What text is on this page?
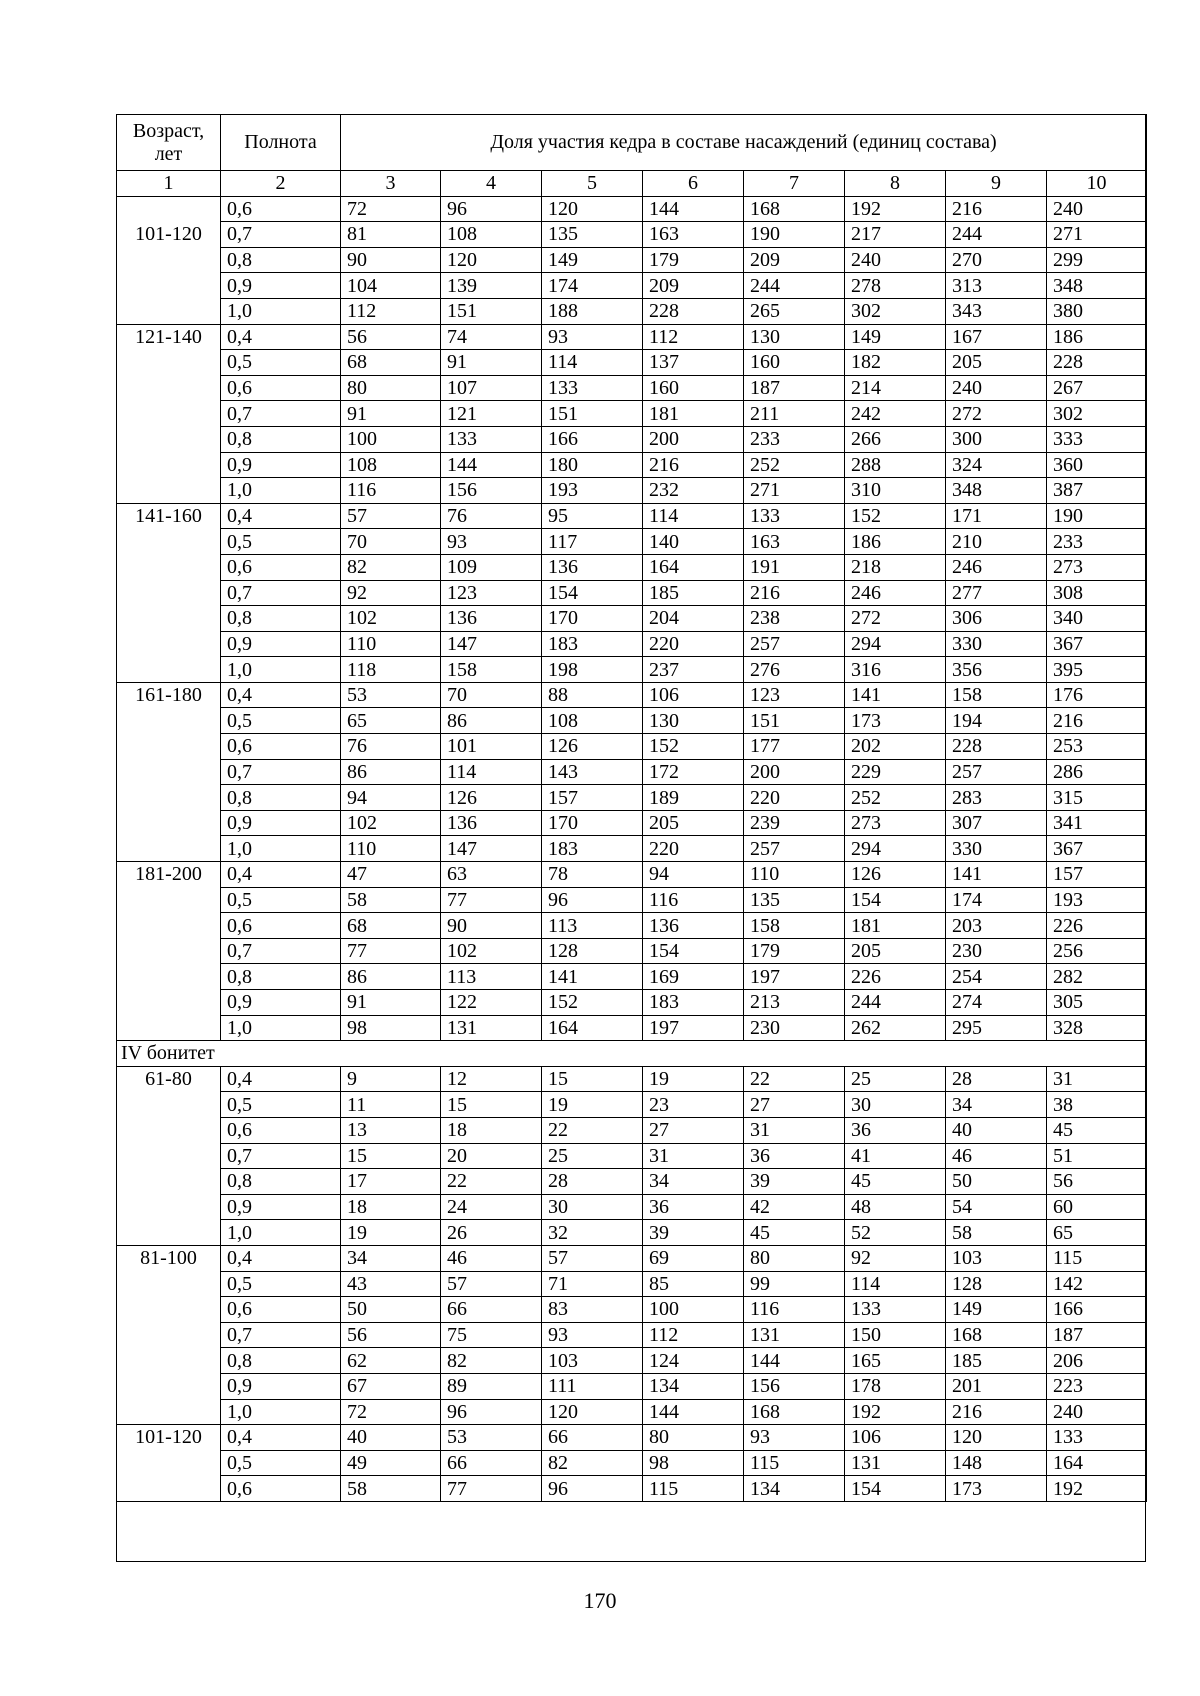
Возраст, лет	Полнота	Доля участия кедра в составе насаждений (единиц состава)							
1	2	3	4	5	6	7	8	9	10
	0,6	72	96	120	144	168	192	216	240
101-120	0,7	81	108	135	163	190	217	244	271
	0,8	90	120	149	179	209	240	270	299
	0,9	104	139	174	209	244	278	313	348
	1,0	112	151	188	228	265	302	343	380
121-140	0,4	56	74	93	112	130	149	167	186
	0,5	68	91	114	137	160	182	205	228
	0,6	80	107	133	160	187	214	240	267
	0,7	91	121	151	181	211	242	272	302
	0,8	100	133	166	200	233	266	300	333
	0,9	108	144	180	216	252	288	324	360
	1,0	116	156	193	232	271	310	348	387
141-160	0,4	57	76	95	114	133	152	171	190
	0,5	70	93	117	140	163	186	210	233
	0,6	82	109	136	164	191	218	246	273
	0,7	92	123	154	185	216	246	277	308
	0,8	102	136	170	204	238	272	306	340
	0,9	110	147	183	220	257	294	330	367
	1,0	118	158	198	237	276	316	356	395
161-180	0,4	53	70	88	106	123	141	158	176
	0,5	65	86	108	130	151	173	194	216
	0,6	76	101	126	152	177	202	228	253
	0,7	86	114	143	172	200	229	257	286
	0,8	94	126	157	189	220	252	283	315
	0,9	102	136	170	205	239	273	307	341
	1,0	110	147	183	220	257	294	330	367
181-200	0,4	47	63	78	94	110	126	141	157
	0,5	58	77	96	116	135	154	174	193
	0,6	68	90	113	136	158	181	203	226
	0,7	77	102	128	154	179	205	230	256
	0,8	86	113	141	169	197	226	254	282
	0,9	91	122	152	183	213	244	274	305
	1,0	98	131	164	197	230	262	295	328
IV бонитет									
61-80	0,4	9	12	15	19	22	25	28	31
	0,5	11	15	19	23	27	30	34	38
	0,6	13	18	22	27	31	36	40	45
	0,7	15	20	25	31	36	41	46	51
	0,8	17	22	28	34	39	45	50	56
	0,9	18	24	30	36	42	48	54	60
	1,0	19	26	32	39	45	52	58	65
81-100	0,4	34	46	57	69	80	92	103	115
	0,5	43	57	71	85	99	114	128	142
	0,6	50	66	83	100	116	133	149	166
	0,7	56	75	93	112	131	150	168	187
	0,8	62	82	103	124	144	165	185	206
	0,9	67	89	111	134	156	178	201	223
	1,0	72	96	120	144	168	192	216	240
101-120	0,4	40	53	66	80	93	106	120	133
	0,5	49	66	82	98	115	131	148	164
	0,6	58	77	96	115	134	154	173	192
170
